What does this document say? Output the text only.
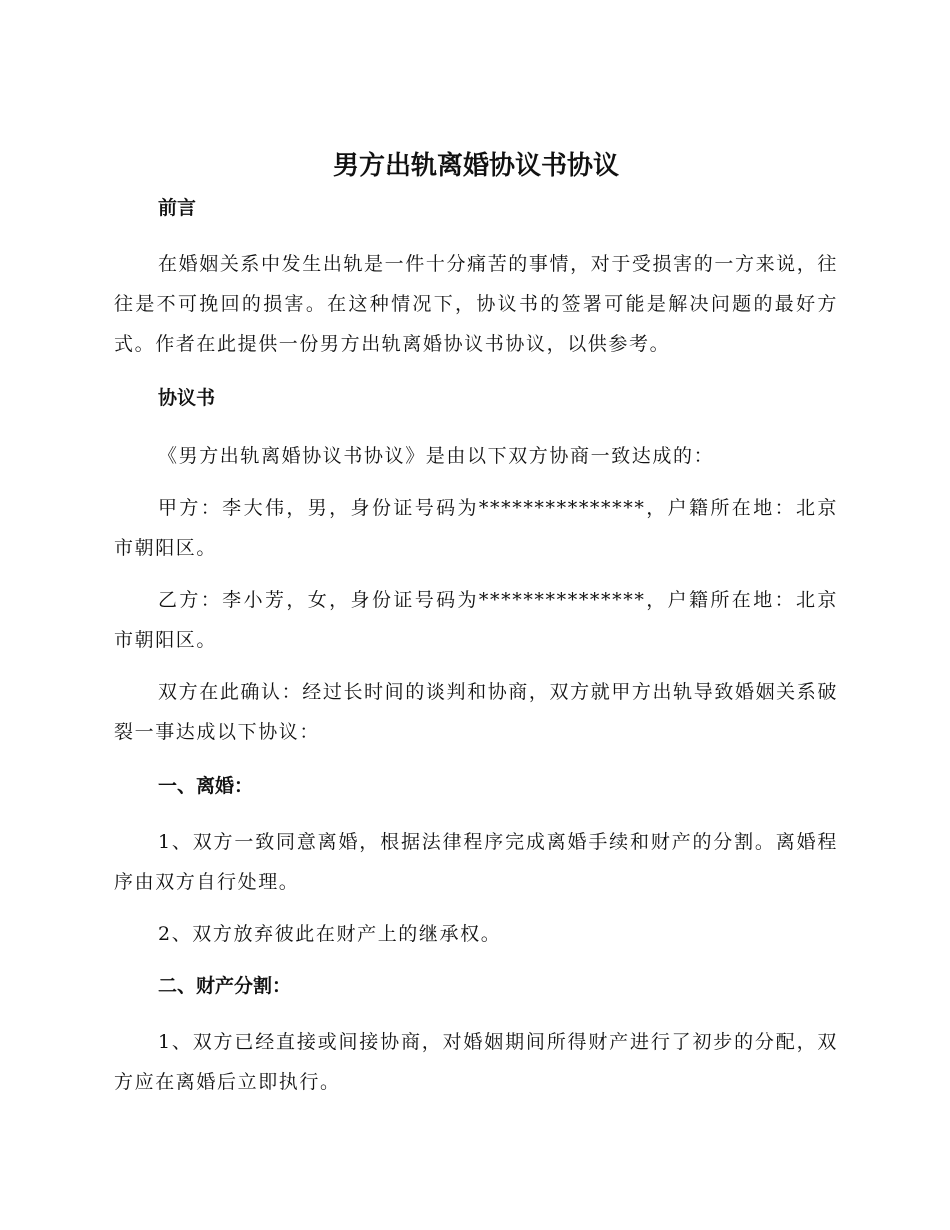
男方出轨离婚协议书协议
前言

在婚姻关系中发生出轨是一件十分痛苦的事情，对于受损害的一方来说，往往是不可挽回的损害。在这种情况下，协议书的签署可能是解决问题的最好方式。作者在此提供一份男方出轨离婚协议书协议，以供参考。

协议书

《男方出轨离婚协议书协议》是由以下双方协商一致达成的：

甲方：李大伟，男，身份证号码为***************，户籍所在地：北京市朝阳区。

乙方：李小芳，女，身份证号码为***************，户籍所在地：北京市朝阳区。

双方在此确认：经过长时间的谈判和协商，双方就甲方出轨导致婚姻关系破裂一事达成以下协议：

一、离婚：

1、双方一致同意离婚，根据法律程序完成离婚手续和财产的分割。离婚程序由双方自行处理。

2、双方放弃彼此在财产上的继承权。

二、财产分割：

1、双方已经直接或间接协商，对婚姻期间所得财产进行了初步的分配，双方应在离婚后立即执行。
